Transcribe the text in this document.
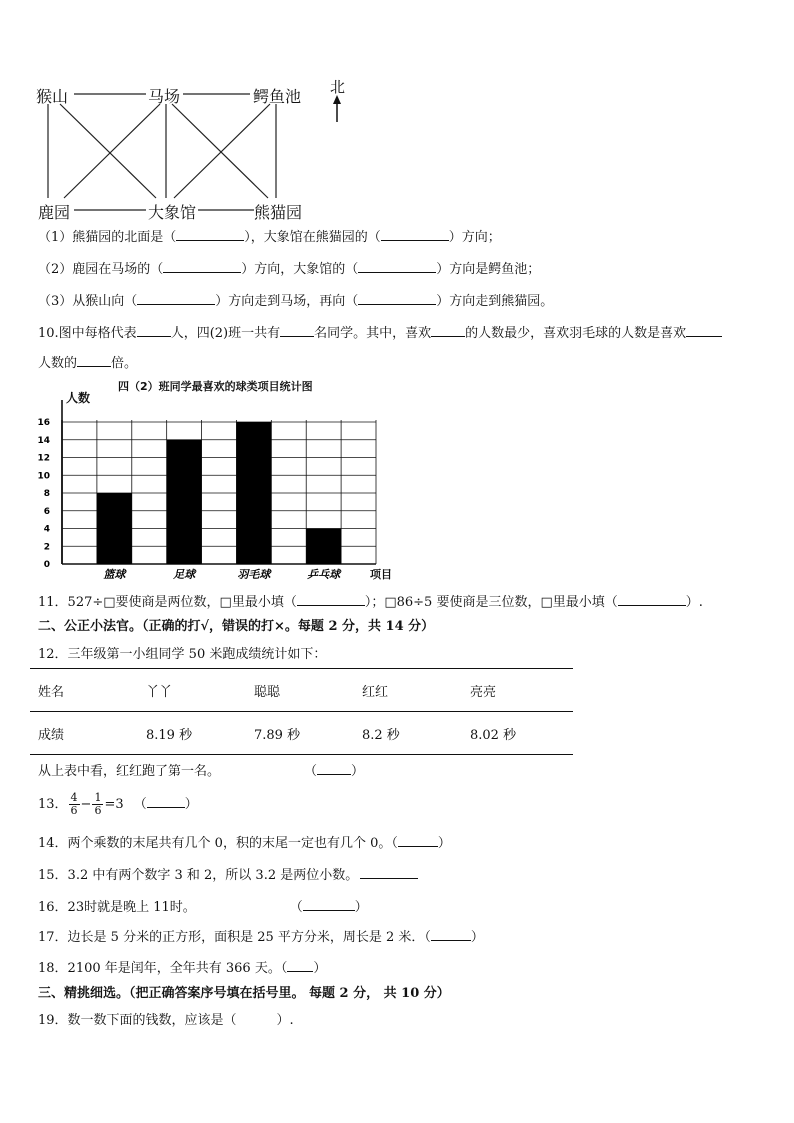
猴山	马场	鳄鱼池
鹿园	大象馆	熊猫园
北
（1）熊猫园的北面是（	），大象馆在熊猫园的（	）方向；
（2）鹿园在马场的（	）方向，大象馆的（	）方向是鳄鱼池；
（3）从猴山向（	）方向走到马场，再向（	）方向走到熊猫园。
10.图中每格代表	人，四(2)班一共有	名同学。其中，喜欢	的人数最少，喜欢羽毛球的人数是喜欢
人数的	倍。
四（2）班同学最喜欢的球类项目统计图
人数
项目
0
2
4
6
8
10
12
14
16
篮球	足球	羽毛球	乒乓球
11．527÷□要使商是两位数，□里最小填（	）；□86÷5 要使商是三位数，□里最小填（	）.
二、公正小法官。（正确的打√，错误的打×。每题 2 分，共 14 分）
12．三年级第一小组同学 50 米跑成绩统计如下：
姓名	丫丫	聪聪	红红	亮亮
成绩	8.19 秒	7.89 秒	8.2 秒	8.02 秒
从上表中看，红红跑了第一名。	（	）
13． $\frac{4}{6} - \frac{1}{6} =3$ （	）
14．两个乘数的末尾共有几个 0，积的末尾一定也有几个 0。（	）
15．3.2 中有两个数字 3 和 2，所以 3.2 是两位小数。
16．23时就是晚上 11时。	（	）
17．边长是 5 分米的正方形，面积是 25 平方分米，周长是 2 米．（	）
18．2100 年是闰年，全年共有 366 天。（ ）
三、精挑细选。（把正确答案序号填在括号里。 每题 2 分， 共 10 分）
19．数一数下面的钱数，应该是（	）.
